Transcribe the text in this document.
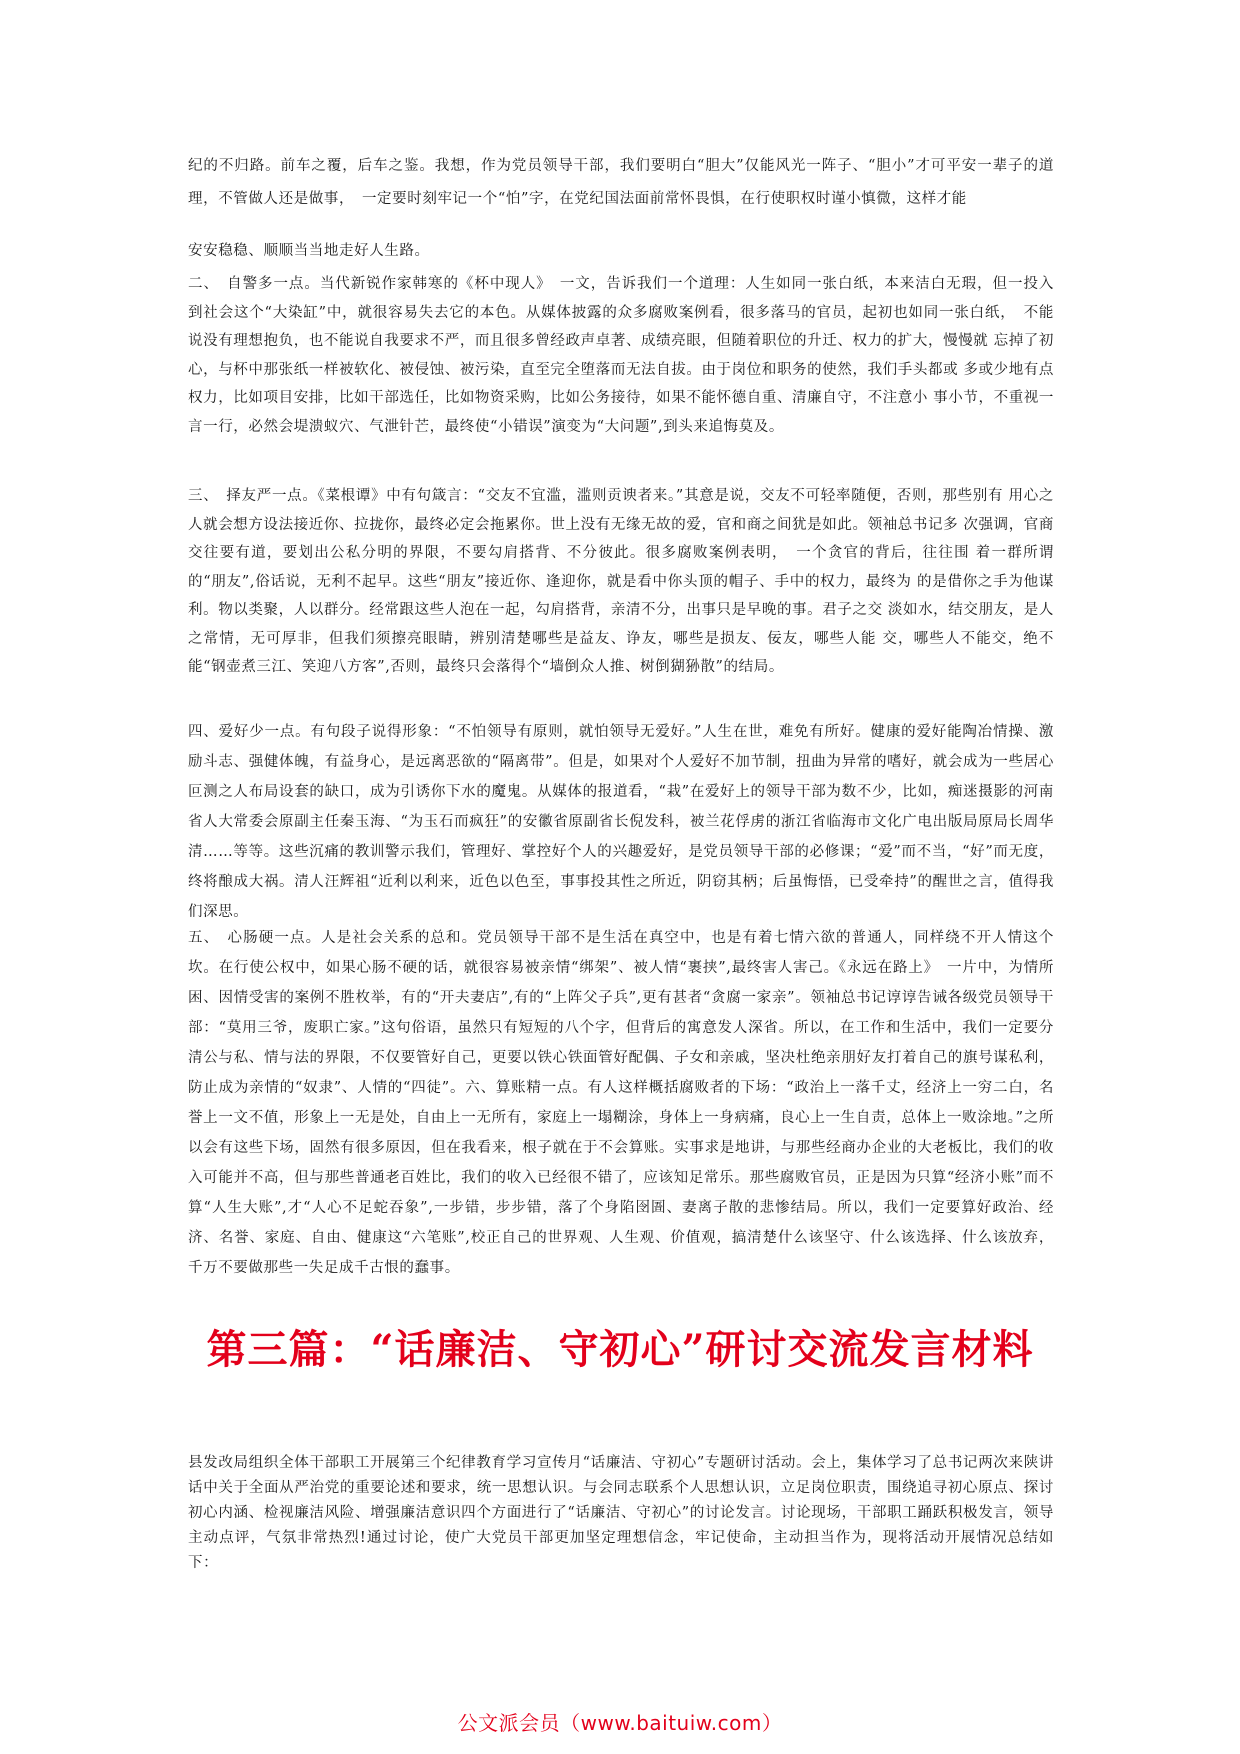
纪的不归路。前车之覆，后车之鉴。我想，作为党员领导干部，我们要明白“胆大”仅能风光一阵子、“胆小”才可平安一辈子的道理，不管做人还是做事，　一定要时刻牢记一个“怕”字，在党纪国法面前常怀畏惧，在行使职权时谨小慎微，这样才能

安安稳稳、顺顺当当地走好人生路。

二、　自警多一点。当代新锐作家韩寒的《杯中现人》　一文，告诉我们一个道理：人生如同一张白纸，本来洁白无瑕，但一投入 到社会这个“大染缸”中，就很容易失去它的本色。从媒体披露的众多腐败案例看，很多落马的官员，起初也如同一张白纸，　不能说没有理想抱负，也不能说自我要求不严，而且很多曾经政声卓著、成绩亮眼，但随着职位的升迁、权力的扩大，慢慢就 忘掉了初心，与杯中那张纸一样被软化、被侵蚀、被污染，直至完全堕落而无法自拔。由于岗位和职务的使然，我们手头都或 多或少地有点权力，比如项目安排，比如干部选任，比如物资采购，比如公务接待，如果不能怀德自重、清廉自守，不注意小 事小节，不重视一言一行，必然会堤溃蚁穴、气泄针芒，最终使“小错误”演变为“大问题”,到头来追悔莫及。

三、　择友严一点。《菜根谭》中有句箴言：“交友不宜滥，滥则贡谀者来。”其意是说，交友不可轻率随便，否则，那些别有 用心之人就会想方设法接近你、拉拢你，最终必定会拖累你。世上没有无缘无故的爱，官和商之间犹是如此。领袖总书记多 次强调，官商交往要有道，要划出公私分明的界限，不要勾肩搭背、不分彼此。很多腐败案例表明，　一个贪官的背后，往往围 着一群所谓的“朋友”,俗话说，无利不起早。这些“朋友”接近你、逢迎你，就是看中你头顶的帽子、手中的权力，最终为 的是借你之手为他谋利。物以类聚，人以群分。经常跟这些人泡在一起，勾肩搭背，亲清不分，出事只是早晚的事。君子之交 淡如水，结交朋友，是人之常情，无可厚非，但我们须擦亮眼睛，辨别清楚哪些是益友、诤友，哪些是损友、佞友，哪些人能 交，哪些人不能交，绝不能“钢壶煮三江、笑迎八方客”,否则，最终只会落得个“墙倒众人推、树倒猢狲散”的结局。

四、爱好少一点。有句段子说得形象：“不怕领导有原则，就怕领导无爱好。”人生在世，难免有所好。健康的爱好能陶冶情操、激励斗志、强健体魄，有益身心，是远离恶欲的“隔离带”。但是，如果对个人爱好不加节制，扭曲为异常的嗜好，就会成为一些居心叵测之人布局设套的缺口，成为引诱你下水的魔鬼。从媒体的报道看，“栽”在爱好上的领导干部为数不少，比如，痴迷摄影的河南省人大常委会原副主任秦玉海、“为玉石而疯狂”的安徽省原副省长倪发科，被兰花俘虏的浙江省临海市文化广电出版局原局长周华清……等等。这些沉痛的教训警示我们，管理好、掌控好个人的兴趣爱好，是党员领导干部的必修课；“爱”而不当，“好”而无度，终将酿成大祸。清人汪辉祖“近利以利来，近色以色至，事事投其性之所近，阴窃其柄；后虽悔悟，已受牵持”的醒世之言，值得我们深思。

五、　心肠硬一点。人是社会关系的总和。党员领导干部不是生活在真空中，也是有着七情六欲的普通人，同样绕不开人情这个坎。在行使公权中，如果心肠不硬的话，就很容易被亲情“绑架”、被人情“裹挟”,最终害人害己。《永远在路上》　一片中，为情所困、因情受害的案例不胜枚举，有的“开夫妻店”,有的“上阵父子兵”,更有甚者“贪腐一家亲”。领袖总书记谆谆告诫各级党员领导干部：“莫用三爷，废职亡家。”这句俗语，虽然只有短短的八个字，但背后的寓意发人深省。所以，在工作和生活中，我们一定要分清公与私、情与法的界限，不仅要管好自己，更要以铁心铁面管好配偶、子女和亲戚，坚决杜绝亲朋好友打着自己的旗号谋私利，防止成为亲情的“奴隶”、人情的“四徒”。六、算账精一点。有人这样概括腐败者的下场：“政治上一落千丈，经济上一穷二白，名誉上一文不值，形象上一无是处，自由上一无所有，家庭上一塌糊涂，身体上一身病痛，良心上一生自责，总体上一败涂地。”之所以会有这些下场，固然有很多原因，但在我看来，根子就在于不会算账。实事求是地讲，与那些经商办企业的大老板比，我们的收入可能并不高，但与那些普通老百姓比，我们的收入已经很不错了，应该知足常乐。那些腐败官员，正是因为只算“经济小账”而不算“人生大账”,才“人心不足蛇吞象”,一步错，步步错，落了个身陷囹圄、妻离子散的悲惨结局。所以，我们一定要算好政治、经济、名誉、家庭、自由、健康这“六笔账”,校正自己的世界观、人生观、价值观，搞清楚什么该坚守、什么该选择、什么该放弃，千万不要做那些一失足成千古恨的蠢事。

第三篇：“话廉洁、守初心”研讨交流发言材料

县发改局组织全体干部职工开展第三个纪律教育学习宣传月“话廉洁、守初心”专题研讨活动。会上，集体学习了总书记两次来陕讲话中关于全面从严治党的重要论述和要求，统一思想认识。与会同志联系个人思想认识，立足岗位职责，围绕追寻初心原点、探讨初心内涵、检视廉洁风险、增强廉洁意识四个方面进行了“话廉洁、守初心”的讨论发言。讨论现场，干部职工踊跃积极发言，领导主动点评，气氛非常热烈!通过讨论，使广大党员干部更加坚定理想信念，牢记使命，主动担当作为，现将活动开展情况总结如下：

公文派会员（www.baituiw.com）
